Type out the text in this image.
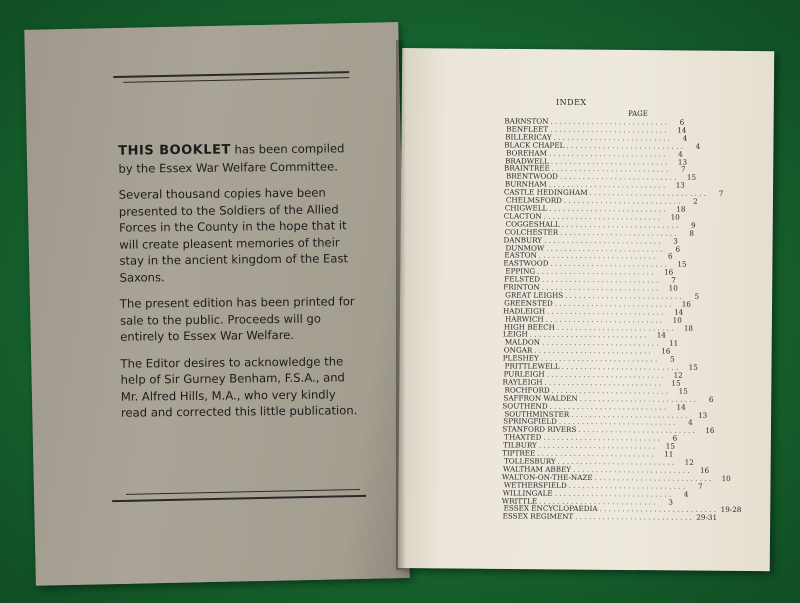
THIS BOOKLET has been compiled by the Essex War Welfare Committee.

Several thousand copies have been presented to the Soldiers of the Allied Forces in the County in the hope that it will create pleasent memories of their stay in the ancient kingdom of the East Saxons.

The present edition has been printed for sale to the public. Proceeds will go entirely to Essex War Welfare.

The Editor desires to acknowledge the help of Sir Gurney Benham, F.S.A., and Mr. Alfred Hills, M.A., who very kindly read and corrected this little publication.

INDEX
PAGE
BARNSTON . . . . . . . . . . . . . . . . . . . . . . . . . .	6
BENFLEET . . . . . . . . . . . . . . . . . . . . . . . . . .	14
BILLERICAY . . . . . . . . . . . . . . . . . . . . . . . . . .	4
BLACK CHAPEL . . . . . . . . . . . . . . . . . . . . . . . . . .	4
BOREHAM . . . . . . . . . . . . . . . . . . . . . . . . . .	4
BRADWELL . . . . . . . . . . . . . . . . . . . . . . . . . .	13
BRAINTREE . . . . . . . . . . . . . . . . . . . . . . . . . .	7
BRENTWOOD . . . . . . . . . . . . . . . . . . . . . . . . . .	15
BURNHAM . . . . . . . . . . . . . . . . . . . . . . . . . .	13
CASTLE HEDINGHAM . . . . . . . . . . . . . . . . . . . . . . . . . .	7
CHELMSFORD . . . . . . . . . . . . . . . . . . . . . . . . . .	2
CHIGWELL . . . . . . . . . . . . . . . . . . . . . . . . . .	18
CLACTON . . . . . . . . . . . . . . . . . . . . . . . . . .	10
COGGESHALL . . . . . . . . . . . . . . . . . . . . . . . . . .	9
COLCHESTER . . . . . . . . . . . . . . . . . . . . . . . . . .	8
DANBURY . . . . . . . . . . . . . . . . . . . . . . . . . .	3
DUNMOW . . . . . . . . . . . . . . . . . . . . . . . . . .	6
EASTON . . . . . . . . . . . . . . . . . . . . . . . . . .	6
EASTWOOD . . . . . . . . . . . . . . . . . . . . . . . . . .	15
EPPING . . . . . . . . . . . . . . . . . . . . . . . . . .	16
FELSTED . . . . . . . . . . . . . . . . . . . . . . . . . .	7
FRINTON . . . . . . . . . . . . . . . . . . . . . . . . . .	10
GREAT LEIGHS . . . . . . . . . . . . . . . . . . . . . . . . . .	5
GREENSTED . . . . . . . . . . . . . . . . . . . . . . . . . .	16
HADLEIGH . . . . . . . . . . . . . . . . . . . . . . . . . .	14
HARWICH . . . . . . . . . . . . . . . . . . . . . . . . . .	10
HIGH BEECH . . . . . . . . . . . . . . . . . . . . . . . . . .	18
LEIGH . . . . . . . . . . . . . . . . . . . . . . . . . .	14
MALDON . . . . . . . . . . . . . . . . . . . . . . . . . .	11
ONGAR . . . . . . . . . . . . . . . . . . . . . . . . . .	16
PLESHEY . . . . . . . . . . . . . . . . . . . . . . . . . .	5
PRITTLEWELL . . . . . . . . . . . . . . . . . . . . . . . . . .	15
PURLEIGH . . . . . . . . . . . . . . . . . . . . . . . . . .	12
RAYLEIGH . . . . . . . . . . . . . . . . . . . . . . . . . .	15
ROCHFORD . . . . . . . . . . . . . . . . . . . . . . . . . .	15
SAFFRON WALDEN . . . . . . . . . . . . . . . . . . . . . . . . . .	6
SOUTHEND . . . . . . . . . . . . . . . . . . . . . . . . . .	14
SOUTHMINSTER . . . . . . . . . . . . . . . . . . . . . . . . . .	13
SPRINGFIELD . . . . . . . . . . . . . . . . . . . . . . . . . .	4
STANFORD RIVERS . . . . . . . . . . . . . . . . . . . . . . . . . .	16
THAXTED . . . . . . . . . . . . . . . . . . . . . . . . . .	6
TILBURY . . . . . . . . . . . . . . . . . . . . . . . . . .	15
TIPTREE . . . . . . . . . . . . . . . . . . . . . . . . . .	11
TOLLESBURY . . . . . . . . . . . . . . . . . . . . . . . . . .	12
WALTHAM ABBEY . . . . . . . . . . . . . . . . . . . . . . . . . .	16
WALTON-ON-THE-NAZE . . . . . . . . . . . . . . . . . . . . . . . . . .	10
WETHERSFIELD . . . . . . . . . . . . . . . . . . . . . . . . . .	7
WILLINGALE . . . . . . . . . . . . . . . . . . . . . . . . . .	4
WRITTLE . . . . . . . . . . . . . . . . . . . . . . . . . .	3
ESSEX ENCYCLOPAEDIA . . . . . . . . . . . . . . . . . . . . . . . . . . 19-28
ESSEX REGIMENT . . . . . . . . . . . . . . . . . . . . . . . . . . 29-31
